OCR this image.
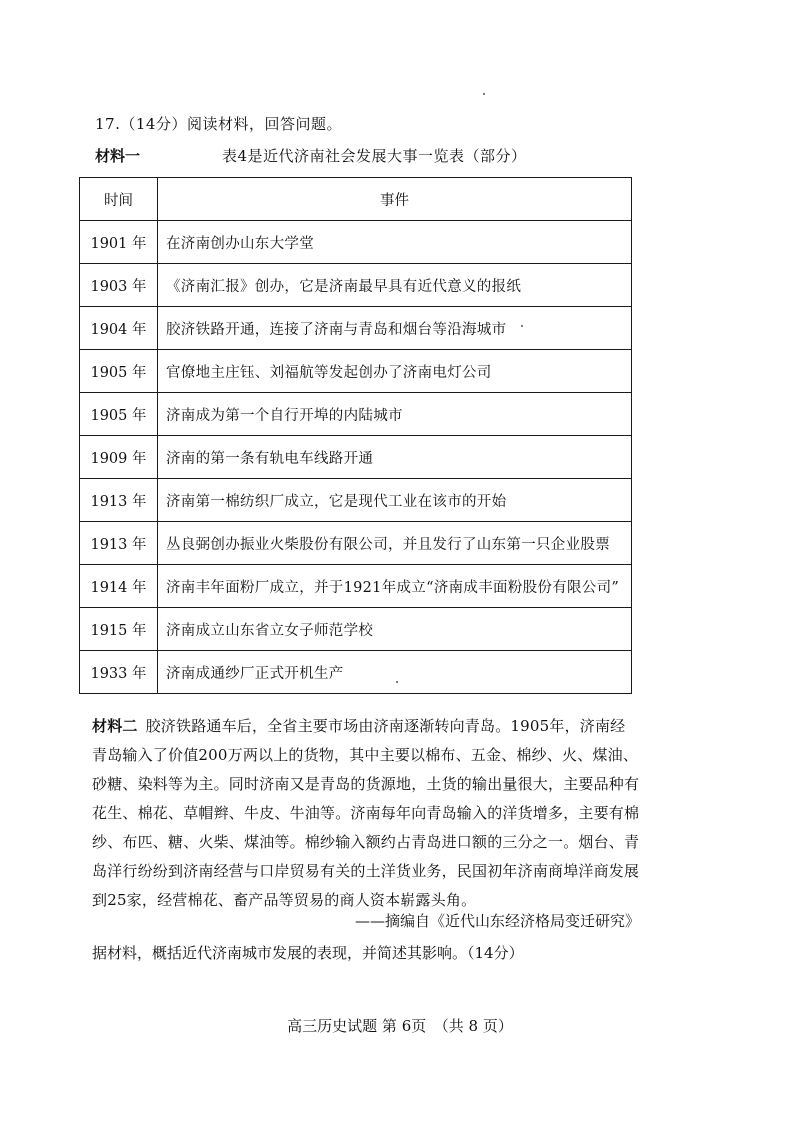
17.（14分）阅读材料，回答问题。
材料一	表4是近代济南社会发展大事一览表（部分）
时间	事件
1901 年	在济南创办山东大学堂
1903 年	《济南汇报》创办，它是济南最早具有近代意义的报纸
1904 年	胶济铁路开通，连接了济南与青岛和烟台等沿海城市
1905 年	官僚地主庄钰、刘福航等发起创办了济南电灯公司
1905 年	济南成为第一个自行开埠的内陆城市
1909 年	济南的第一条有轨电车线路开通
1913 年	济南第一棉纺织厂成立，它是现代工业在该市的开始
1913 年	丛良弼创办振业火柴股份有限公司，并且发行了山东第一只企业股票
1914 年	济南丰年面粉厂成立，并于1921年成立“济南成丰面粉股份有限公司”
1915 年	济南成立山东省立女子师范学校
1933 年	济南成通纱厂正式开机生产
材料二 胶济铁路通车后，全省主要市场由济南逐渐转向青岛。1905年，济南经青岛输入了价值200万两以上的货物，其中主要以棉布、五金、棉纱、火、煤油、砂糖、染料等为主。同时济南又是青岛的货源地，土货的输出量很大，主要品种有花生、棉花、草帽辫、牛皮、牛油等。济南每年向青岛输入的洋货增多，主要有棉纱、布匹、糖、火柴、煤油等。棉纱输入额约占青岛进口额的三分之一。烟台、青岛洋行纷纷到济南经营与口岸贸易有关的土洋货业务，民国初年济南商埠洋商发展到25家，经营棉花、畜产品等贸易的商人资本崭露头角。
——摘编自《近代山东经济格局变迁研究》
据材料，概括近代济南城市发展的表现，并简述其影响。（14分）
高三历史试题 第 6页　（共 8 页）
